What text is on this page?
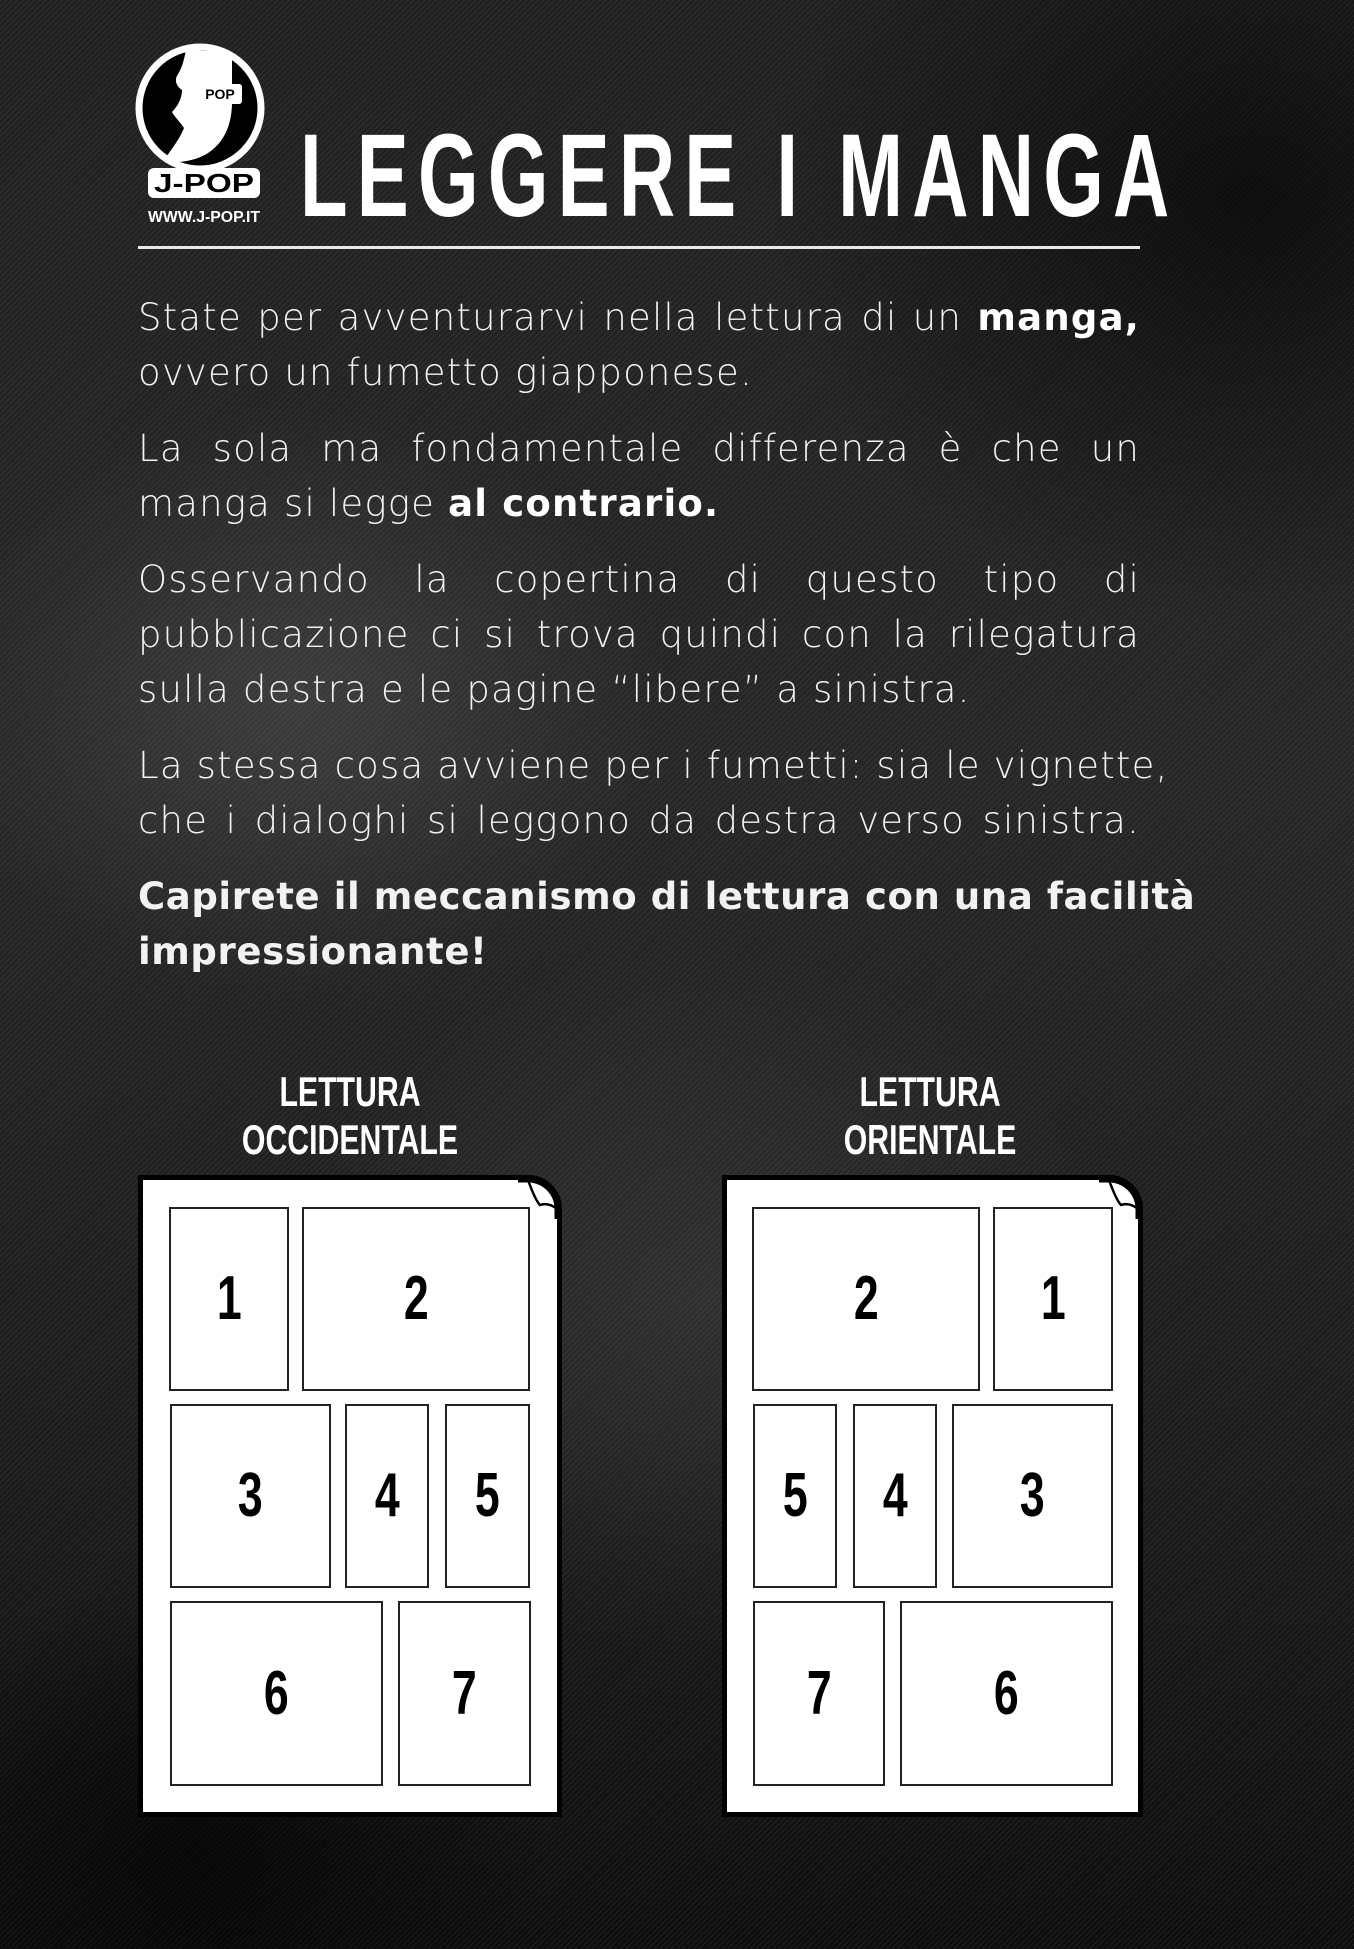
POP
J-POP
WWW.J-POP.IT LEGGERE I MANGA
State per avventurarvi nella lettura di un manga,
ovvero un fumetto giapponese.
La sola ma fondamentale differenza è che un
manga si legge al contrario.
Osservando la copertina di questo tipo di
pubblicazione ci si trova quindi con la rilegatura
sulla destra e le pagine “libere” a sinistra.
La stessa cosa avviene per i fumetti: sia le vignette,
che i dialoghi si leggono da destra verso sinistra.
Capirete il meccanismo di lettura con una facilità
impressionante!
LETTURA
OCCIDENTALE
1	2
3 4 5
6	7
LETTURA
ORIENTALE
2	1
5 4 3
7	6
